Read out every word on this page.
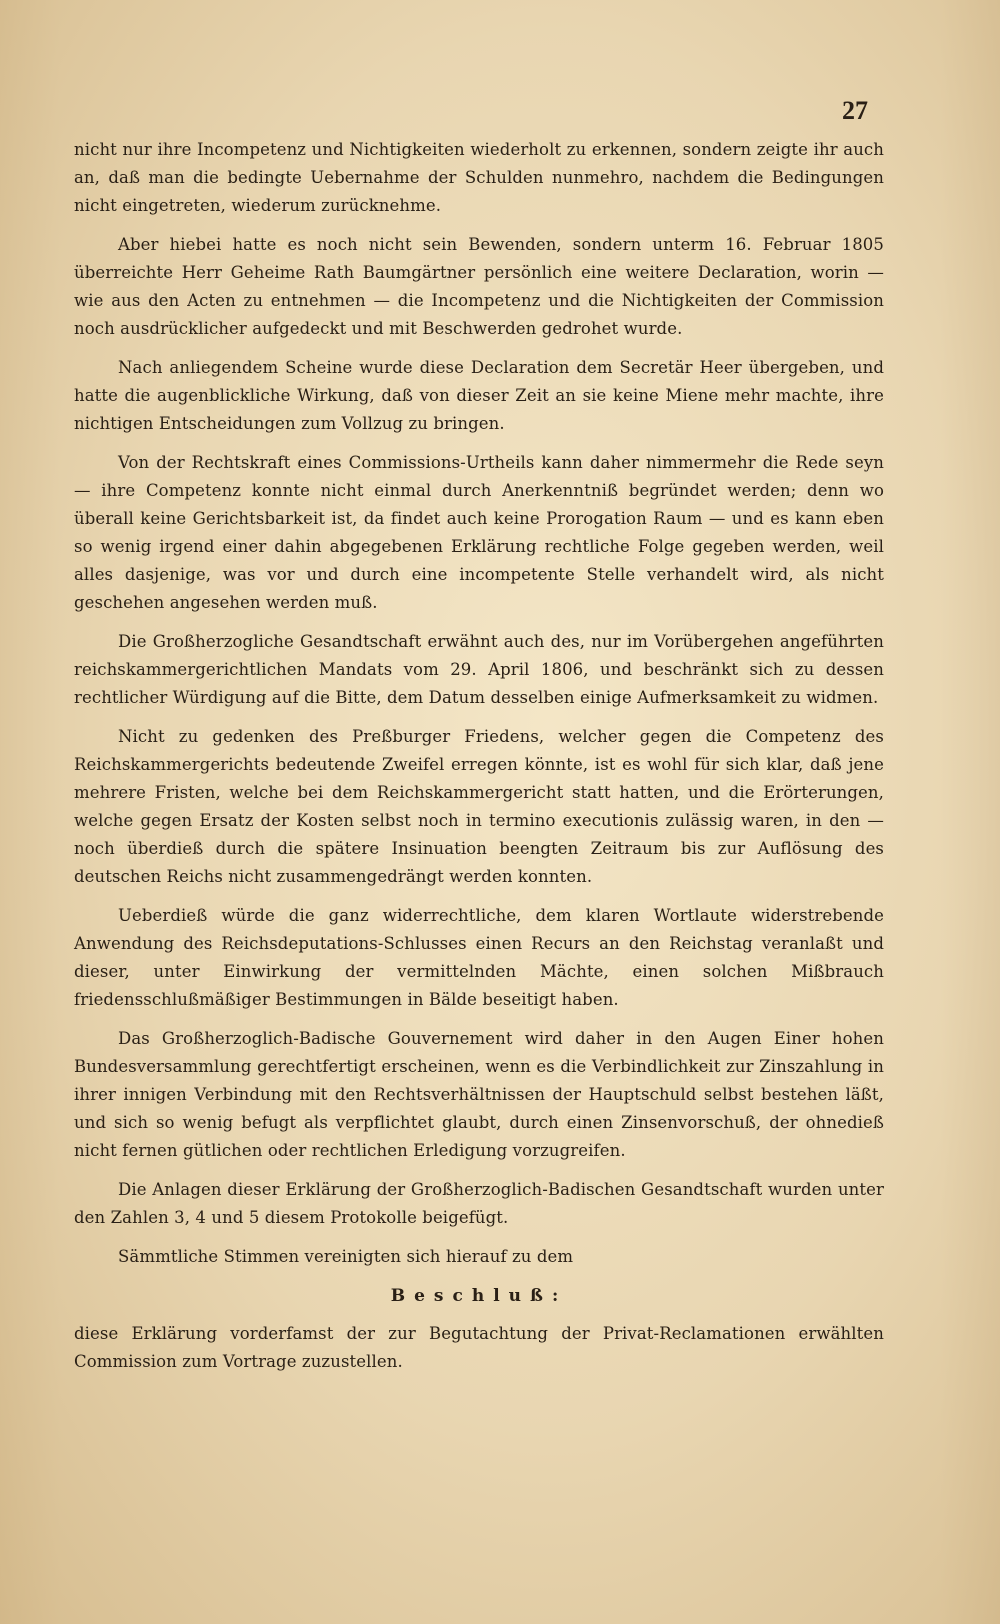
27

nicht nur ihre Incompetenz und Nichtigkeiten wiederholt zu erkennen, sondern zeigte ihr auch an, daß man die bedingte Uebernahme der Schulden nunmehro, nachdem die Bedingungen nicht eingetreten, wiederum zurücknehme.

Aber hiebei hatte es noch nicht sein Bewenden, sondern unterm 16. Februar 1805 überreichte Herr Geheime Rath Baumgärtner persönlich eine weitere Declaration, worin — wie aus den Acten zu entnehmen — die Incompetenz und die Nichtigkeiten der Commission noch ausdrücklicher aufgedeckt und mit Beschwerden gedrohet wurde.

Nach anliegendem Scheine wurde diese Declaration dem Secretär Heer übergeben, und hatte die augenblickliche Wirkung, daß von dieser Zeit an sie keine Miene mehr machte, ihre nichtigen Entscheidungen zum Vollzug zu bringen.

Von der Rechtskraft eines Commissions-Urtheils kann daher nimmermehr die Rede seyn — ihre Competenz konnte nicht einmal durch Anerkenntniß begründet werden; denn wo überall keine Gerichtsbarkeit ist, da findet auch keine Prorogation Raum — und es kann eben so wenig irgend einer dahin abgegebenen Erklärung rechtliche Folge gegeben werden, weil alles dasjenige, was vor und durch eine incompetente Stelle verhandelt wird, als nicht geschehen angesehen werden muß.

Die Großherzogliche Gesandtschaft erwähnt auch des, nur im Vorübergehen angeführten reichskammergerichtlichen Mandats vom 29. April 1806, und beschränkt sich zu dessen rechtlicher Würdigung auf die Bitte, dem Datum desselben einige Aufmerksamkeit zu widmen.

Nicht zu gedenken des Preßburger Friedens, welcher gegen die Competenz des Reichskammergerichts bedeutende Zweifel erregen könnte, ist es wohl für sich klar, daß jene mehrere Fristen, welche bei dem Reichskammergericht statt hatten, und die Erörterungen, welche gegen Ersatz der Kosten selbst noch in termino executionis zulässig waren, in den — noch überdieß durch die spätere Insinuation beengten Zeitraum bis zur Auflösung des deutschen Reichs nicht zusammengedrängt werden konnten.

Ueberdieß würde die ganz widerrechtliche, dem klaren Wortlaute widerstrebende Anwendung des Reichsdeputations-Schlusses einen Recurs an den Reichstag veranlaßt und dieser, unter Einwirkung der vermittelnden Mächte, einen solchen Mißbrauch friedensschlußmäßiger Bestimmungen in Bälde beseitigt haben.

Das Großherzoglich-Badische Gouvernement wird daher in den Augen Einer hohen Bundesversammlung gerechtfertigt erscheinen, wenn es die Verbindlichkeit zur Zinszahlung in ihrer innigen Verbindung mit den Rechtsverhältnissen der Hauptschuld selbst bestehen läßt, und sich so wenig befugt als verpflichtet glaubt, durch einen Zinsenvorschuß, der ohnedieß nicht fernen gütlichen oder rechtlichen Erledigung vorzugreifen.

Die Anlagen dieser Erklärung der Großherzoglich-Badischen Gesandtschaft wurden unter den Zahlen 3, 4 und 5 diesem Protokolle beigefügt.

Sämmtliche Stimmen vereinigten sich hierauf zu dem

Beschluß:

diese Erklärung vorderfamst der zur Begutachtung der Privat-Reclamationen erwählten Commission zum Vortrage zuzustellen.
